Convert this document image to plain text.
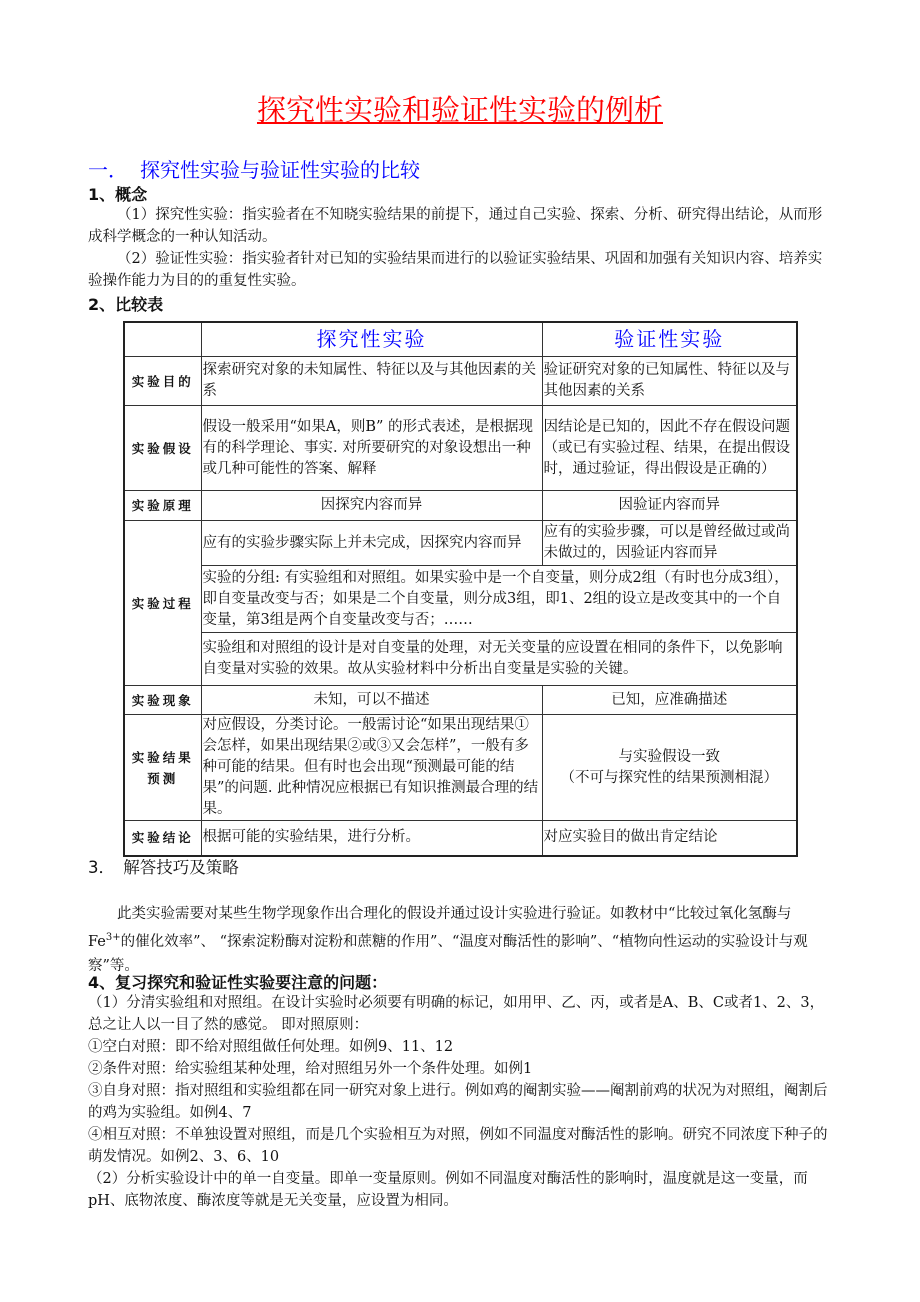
探究性实验和验证性实验的例析
一． 探究性实验与验证性实验的比较
1、概念
（1）探究性实验：指实验者在不知晓实验结果的前提下，通过自己实验、探索、分析、研究得出结论，从而形成科学概念的一种认知活动。
（2）验证性实验：指实验者针对已知的实验结果而进行的以验证实验结果、巩固和加强有关知识内容、培养实验操作能力为目的的重复性实验。
2、比较表
	探究性实验	验证性实验
实验目的	探索研究对象的未知属性、特征以及与其他因素的关系	验证研究对象的已知属性、特征以及与其他因素的关系
实验假设	假设一般采用“如果A，则B” 的形式表述，是根据现有的科学理论、事实. 对所要研究的对象设想出一种或几种可能性的答案、解释	因结论是已知的，因此不存在假设问题（或已有实验过程、结果，在提出假设时，通过验证，得出假设是正确的）
实验原理	因探究内容而异	因验证内容而异
实验过程	应有的实验步骤实际上并未完成，因探究内容而异	应有的实验步骤，可以是曾经做过或尚未做过的，因验证内容而异
	实验的分组: 有实验组和对照组。如果实验中是一个自变量，则分成2组（有时也分成3组），即自变量改变与否；如果是二个自变量，则分成3组，即1、2组的设立是改变其中的一个自变量，第3组是两个自变量改变与否；……	
	实验组和对照组的设计是对自变量的处理，对无关变量的应设置在相同的条件下，以免影响自变量对实验的效果。故从实验材料中分析出自变量是实验的关键。	
实验现象	未知，可以不描述	已知，应准确描述
实验结果预测	对应假设，分类讨论。一般需讨论“如果出现结果①会怎样，如果出现结果②或③又会怎样”，一般有多种可能的结果。但有时也会出现“预测最可能的结果”的问题. 此种情况应根据已有知识推测最合理的结果。	与实验假设一致
（不可与探究性的结果预测相混）

实验结论	根据可能的实验结果，进行分析。	对应实验目的做出肯定结论
3．　解答技巧及策略
此类实验需要对某些生物学现象作出合理化的假设并通过设计实验进行验证。如教材中“比较过氧化氢酶与$Fe^{3+}$的催化效率”、 “探索淀粉酶对淀粉和蔗糖的作用”、“温度对酶活性的影响”、“植物向性运动的实验设计与观察”等。
4、复习探究和验证性实验要注意的问题：
（1）分清实验组和对照组。在设计实验时必须要有明确的标记，如用甲、乙、丙，或者是A、B、C或者1、2、3，总之让人以一目了然的感觉。 即对照原则：
①空白对照：即不给对照组做任何处理。如例9、11、12
②条件对照：给实验组某种处理，给对照组另外一个条件处理。如例1
③自身对照：指对照组和实验组都在同一研究对象上进行。例如鸡的阉割实验——阉割前鸡的状况为对照组，阉割后的鸡为实验组。如例4、7
④相互对照：不单独设置对照组，而是几个实验相互为对照，例如不同温度对酶活性的影响。研究不同浓度下种子的萌发情况。如例2、3、6、10
（2）分析实验设计中的单一自变量。即单一变量原则。例如不同温度对酶活性的影响时，温度就是这一变量，而pH、底物浓度、酶浓度等就是无关变量，应设置为相同。
